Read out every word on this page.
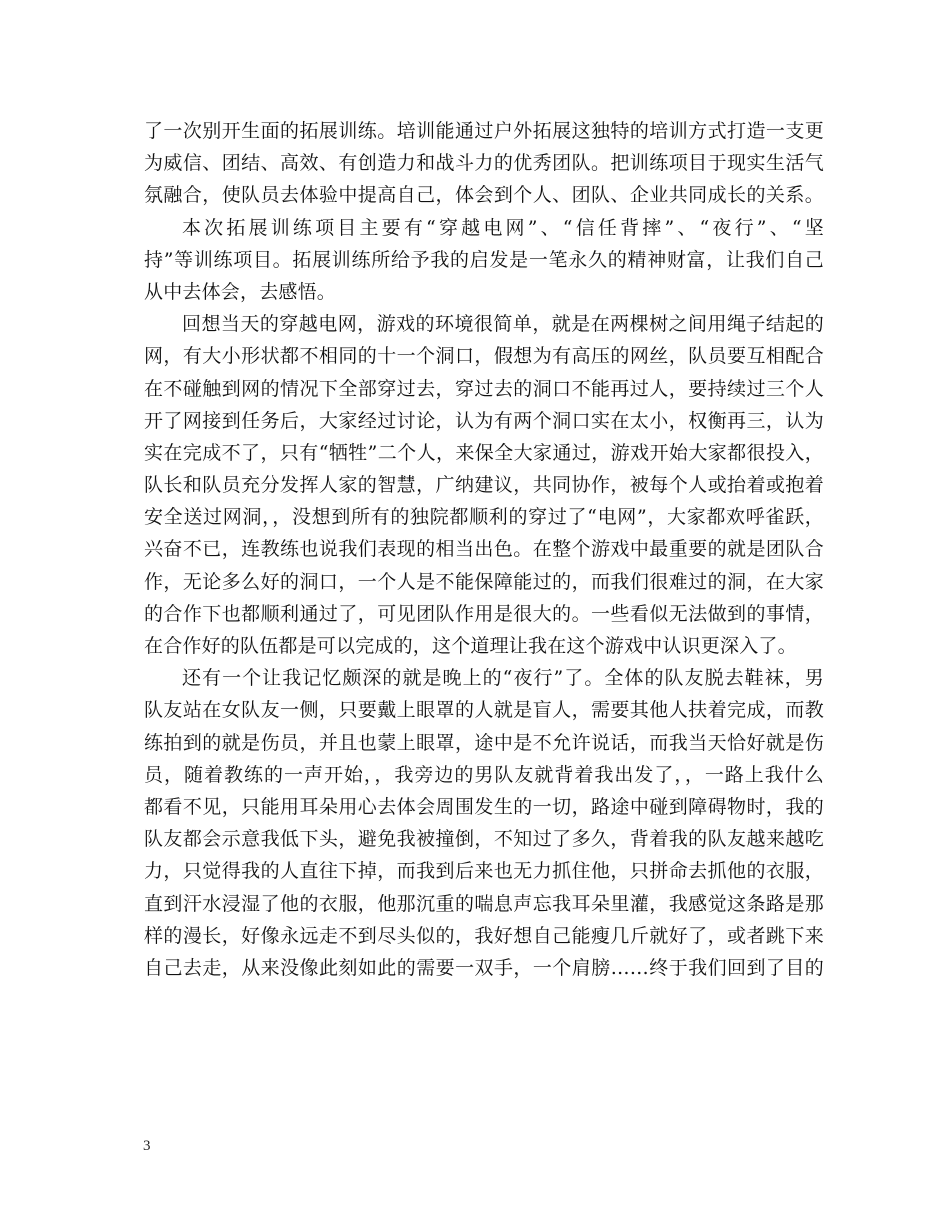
了一次别开生面的拓展训练。培训能通过户外拓展这独特的培训方式打造一支更
为威信、团结、高效、有创造力和战斗力的优秀团队。把训练项目于现实生活气
氛融合，使队员去体验中提高自己，体会到个人、团队、企业共同成长的关系。
本次拓展训练项目主要有“穿越电网”、“信任背摔”、“夜行”、“坚
持”等训练项目。拓展训练所给予我的启发是一笔永久的精神财富，让我们自己
从中去体会，去感悟。
回想当天的穿越电网，游戏的环境很简单，就是在两棵树之间用绳子结起的
网，有大小形状都不相同的十一个洞口，假想为有高压的网丝，队员要互相配合
在不碰触到网的情况下全部穿过去，穿过去的洞口不能再过人，要持续过三个人
开了网接到任务后，大家经过讨论，认为有两个洞口实在太小，权衡再三，认为
实在完成不了，只有“牺牲”二个人，来保全大家通过，游戏开始大家都很投入，
队长和队员充分发挥人家的智慧，广纳建议，共同协作，被每个人或抬着或抱着
安全送过网洞，，没想到所有的独院都顺利的穿过了“电网”，大家都欢呼雀跃，
兴奋不已，连教练也说我们表现的相当出色。在整个游戏中最重要的就是团队合
作，无论多么好的洞口，一个人是不能保障能过的，而我们很难过的洞，在大家
的合作下也都顺利通过了，可见团队作用是很大的。一些看似无法做到的事情，
在合作好的队伍都是可以完成的，这个道理让我在这个游戏中认识更深入了。
还有一个让我记忆颇深的就是晚上的“夜行”了。全体的队友脱去鞋袜，男
队友站在女队友一侧，只要戴上眼罩的人就是盲人，需要其他人扶着完成，而教
练拍到的就是伤员，并且也蒙上眼罩，途中是不允许说话，而我当天恰好就是伤
员，随着教练的一声开始，，我旁边的男队友就背着我出发了，，一路上我什么
都看不见，只能用耳朵用心去体会周围发生的一切，路途中碰到障碍物时，我的
队友都会示意我低下头，避免我被撞倒，不知过了多久，背着我的队友越来越吃
力，只觉得我的人直往下掉，而我到后来也无力抓住他，只拼命去抓他的衣服，
直到汗水浸湿了他的衣服，他那沉重的喘息声忘我耳朵里灌，我感觉这条路是那
样的漫长，好像永远走不到尽头似的，我好想自己能瘦几斤就好了，或者跳下来
自己去走，从来没像此刻如此的需要一双手，一个肩膀……终于我们回到了目的
3
